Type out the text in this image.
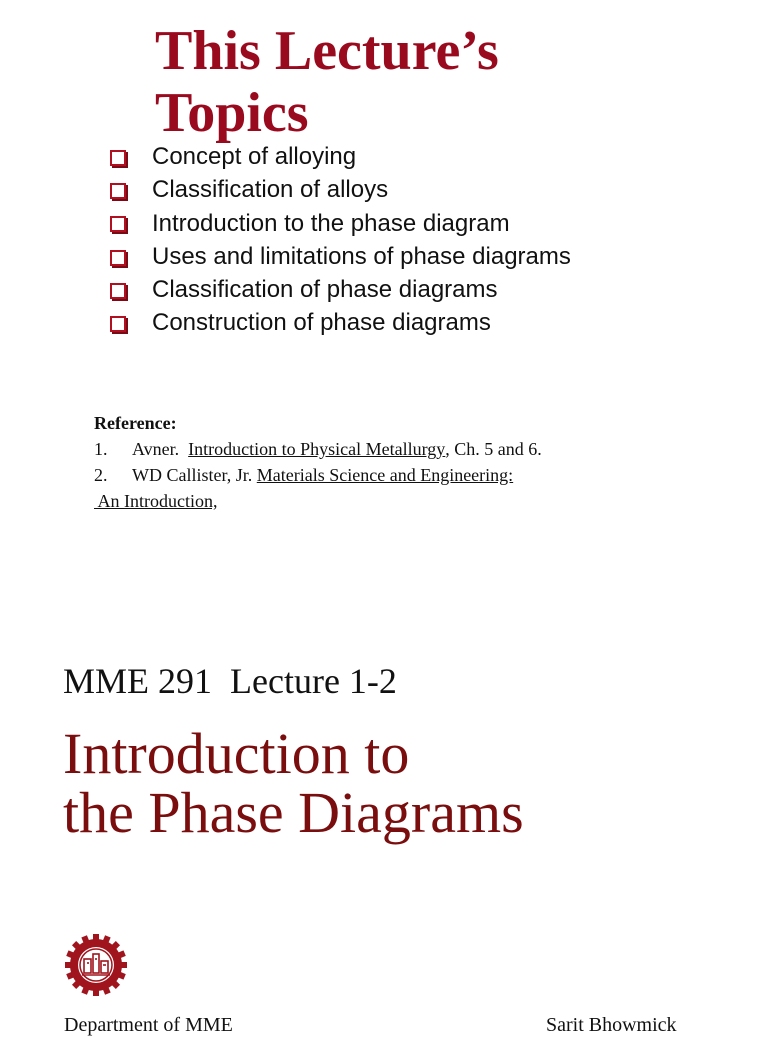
This Lecture’s
Topics
Concept of alloying
Classification of alloys
Introduction to the phase diagram
Uses and limitations of phase diagrams
Classification of phase diagrams
Construction of phase diagrams
Reference:
1.	Avner. Introduction to Physical Metallurgy , Ch. 5 and 6.
2.	WD Callister, Jr. Materials Science and Engineering:
An Introduction,
MME 291  Lecture 1-2
Introduction to
the Phase Diagrams
Department of MME	Sarit Bhowmick
